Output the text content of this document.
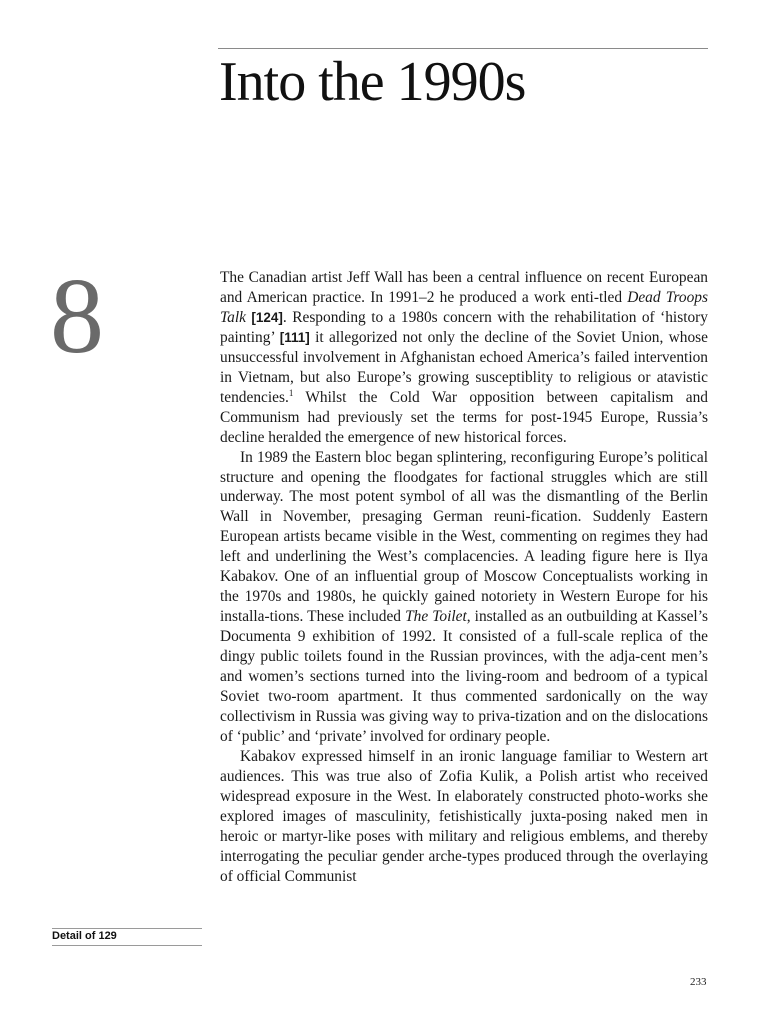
Into the 1990s
8	The Canadian artist Jeff Wall has been a central influence on recent European and American practice. In 1991–2 he produced a work enti-tled Dead Troops Talk [124]. Responding to a 1980s concern with the rehabilitation of ‘history painting’ [111] it allegorized not only the decline of the Soviet Union, whose unsuccessful involvement in Afghanistan echoed America’s failed intervention in Vietnam, but also Europe’s growing susceptiblity to religious or atavistic tendencies.$^1$ Whilst the Cold War opposition between capitalism and Communism had previously set the terms for post-1945 Europe, Russia’s decline heralded the emergence of new historical forces.

In 1989 the Eastern bloc began splintering, reconfiguring Europe’s political structure and opening the floodgates for factional struggles which are still underway. The most potent symbol of all was the dismantling of the Berlin Wall in November, presaging German reuni-fication. Suddenly Eastern European artists became visible in the West, commenting on regimes they had left and underlining the West’s complacencies. A leading figure here is Ilya Kabakov. One of an influential group of Moscow Conceptualists working in the 1970s and 1980s, he quickly gained notoriety in Western Europe for his installa-tions. These included The Toilet, installed as an outbuilding at Kassel’s Documenta 9 exhibition of 1992. It consisted of a full-scale replica of the dingy public toilets found in the Russian provinces, with the adja-cent men’s and women’s sections turned into the living-room and bedroom of a typical Soviet two-room apartment. It thus commented sardonically on the way collectivism in Russia was giving way to priva-tization and on the dislocations of ‘public’ and ‘private’ involved for ordinary people.

Kabakov expressed himself in an ironic language familiar to Western art audiences. This was true also of Zofia Kulik, a Polish artist who received widespread exposure in the West. In elaborately constructed photo-works she explored images of masculinity, fetishistically juxta-posing naked men in heroic or martyr-like poses with military and religious emblems, and thereby interrogating the peculiar gender arche-types produced through the overlaying of official Communist

Detail of 129
233
